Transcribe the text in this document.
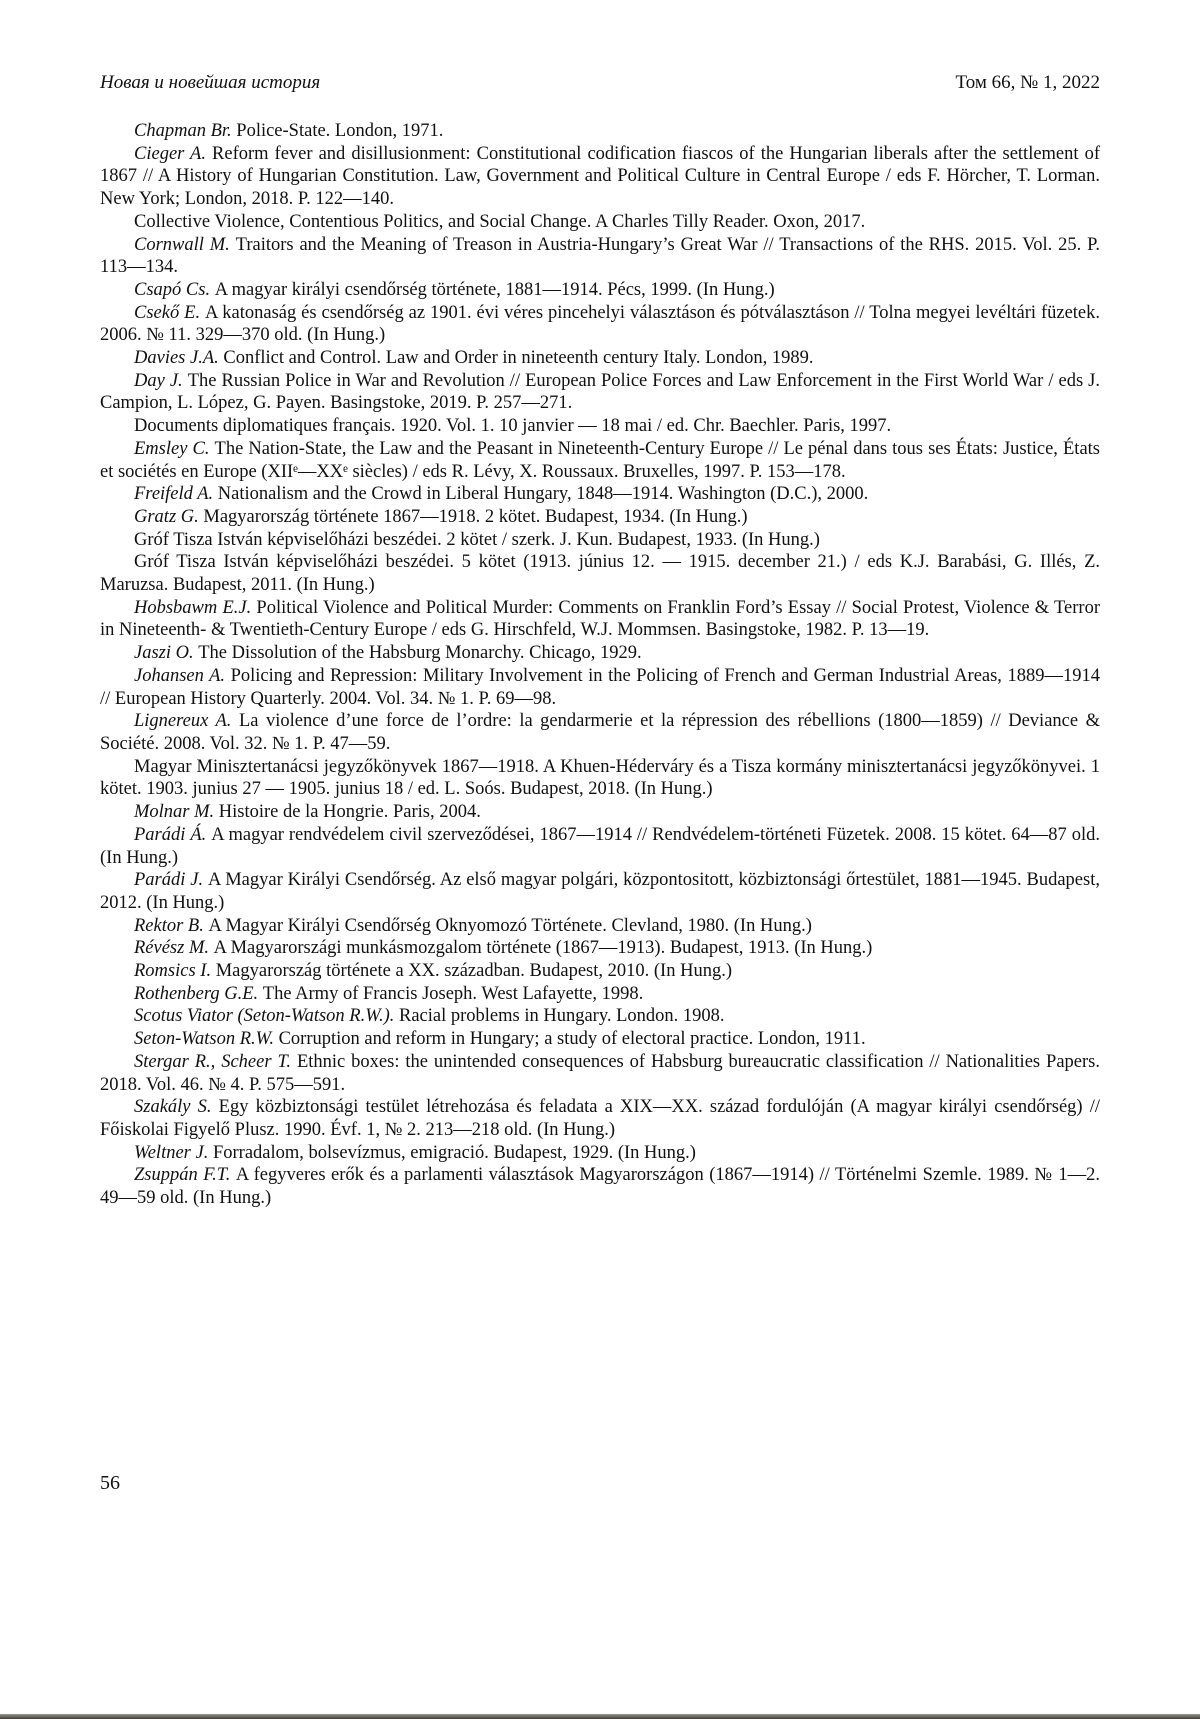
Новая и новейшая история	Том 66, № 1, 2022

Chapman Br. Police-State. London, 1971.

Cieger A. Reform fever and disillusionment: Constitutional codification fiascos of the Hungarian liberals after the settlement of 1867 // A History of Hungarian Constitution. Law, Government and Political Culture in Central Europe / eds F. Hörcher, T. Lorman. New York; London, 2018. P. 122—140.

Collective Violence, Contentious Politics, and Social Change. A Charles Tilly Reader. Oxon, 2017.

Cornwall M. Traitors and the Meaning of Treason in Austria-Hungary’s Great War // Transactions of the RHS. 2015. Vol. 25. P. 113—134.

Csapó Cs. A magyar királyi csendőrség története, 1881—1914. Pécs, 1999. (In Hung.)

Csekő E. A katonaság és csendőrség az 1901. évi véres pincehelyi választáson és pótválasztáson // Tolna megyei levéltári füzetek. 2006. № 11. 329—370 old. (In Hung.)

Davies J.A. Conflict and Control. Law and Order in nineteenth century Italy. London, 1989.

Day J. The Russian Police in War and Revolution // European Police Forces and Law Enforcement in the First World War / eds J. Campion, L. López, G. Payen. Basingstoke, 2019. P. 257—271.

Documents diplomatiques français. 1920. Vol. 1. 10 janvier — 18 mai / ed. Chr. Baechler. Paris, 1997.

Emsley C. The Nation-State, the Law and the Peasant in Nineteenth-Century Europe // Le pénal dans tous ses États: Justice, États et sociétés en Europe (XIIᵉ—XXᵉ siècles) / eds R. Lévy, X. Roussaux. Bruxelles, 1997. P. 153—178.

Freifeld A. Nationalism and the Crowd in Liberal Hungary, 1848—1914. Washington (D.C.), 2000.

Gratz G. Magyarország története 1867—1918. 2 kötet. Budapest, 1934. (In Hung.)

Gróf Tisza István képviselőházi beszédei. 2 kötet / szerk. J. Kun. Budapest, 1933. (In Hung.)

Gróf Tisza István képviselőházi beszédei. 5 kötet (1913. június 12. — 1915. december 21.) / eds K.J. Barabási, G. Illés, Z. Maruzsa. Budapest, 2011. (In Hung.)

Hobsbawm E.J. Political Violence and Political Murder: Comments on Franklin Ford’s Essay // Social Protest, Violence & Terror in Nineteenth- & Twentieth-Century Europe / eds G. Hirschfeld, W.J. Mommsen. Basingstoke, 1982. P. 13—19.

Jaszi O. The Dissolution of the Habsburg Monarchy. Chicago, 1929.

Johansen A. Policing and Repression: Military Involvement in the Policing of French and German Industrial Areas, 1889—1914 // European History Quarterly. 2004. Vol. 34. № 1. P. 69—98.

Lignereux A. La violence d’une force de l’ordre: la gendarmerie et la répression des rébellions (1800—1859) // Deviance & Société. 2008. Vol. 32. № 1. P. 47—59.

Magyar Minisztertanácsi jegyzőkönyvek 1867—1918. A Khuen-Héderváry és a Tisza kormány minisztertanácsi jegyzőkönyvei. 1 kötet. 1903. junius 27 — 1905. junius 18 / ed. L. Soós. Budapest, 2018. (In Hung.)

Molnar M. Histoire de la Hongrie. Paris, 2004.

Parádi Á. A magyar rendvédelem civil szerveződései, 1867—1914 // Rendvédelem-történeti Füzetek. 2008. 15 kötet. 64—87 old. (In Hung.)

Parádi J. A Magyar Királyi Csendőrség. Az első magyar polgári, központositott, közbiztonsági őrtestület, 1881—1945. Budapest, 2012. (In Hung.)

Rektor B. A Magyar Királyi Csendőrség Oknyomozó Története. Clevland, 1980. (In Hung.)

Révész M. A Magyarországi munkásmozgalom története (1867—1913). Budapest, 1913. (In Hung.)

Romsics I. Magyarország története a XX. században. Budapest, 2010. (In Hung.)

Rothenberg G.E. The Army of Francis Joseph. West Lafayette, 1998.

Scotus Viator (Seton-Watson R.W.). Racial problems in Hungary. London. 1908.

Seton-Watson R.W. Corruption and reform in Hungary; a study of electoral practice. London, 1911.

Stergar R., Scheer T. Ethnic boxes: the unintended consequences of Habsburg bureaucratic classification // Nationalities Papers. 2018. Vol. 46. № 4. P. 575—591.

Szakály S. Egy közbiztonsági testület létrehozása és feladata a XIX—XX. század fordulóján (A magyar királyi csendőrség) // Főiskolai Figyelő Plusz. 1990. Évf. 1, № 2. 213—218 old. (In Hung.)

Weltner J. Forradalom, bolsevízmus, emigració. Budapest, 1929. (In Hung.)

Zsuppán F.T. A fegyveres erők és a parlamenti választások Magyarországon (1867—1914) // Történelmi Szemle. 1989. № 1—2. 49—59 old. (In Hung.)

56
